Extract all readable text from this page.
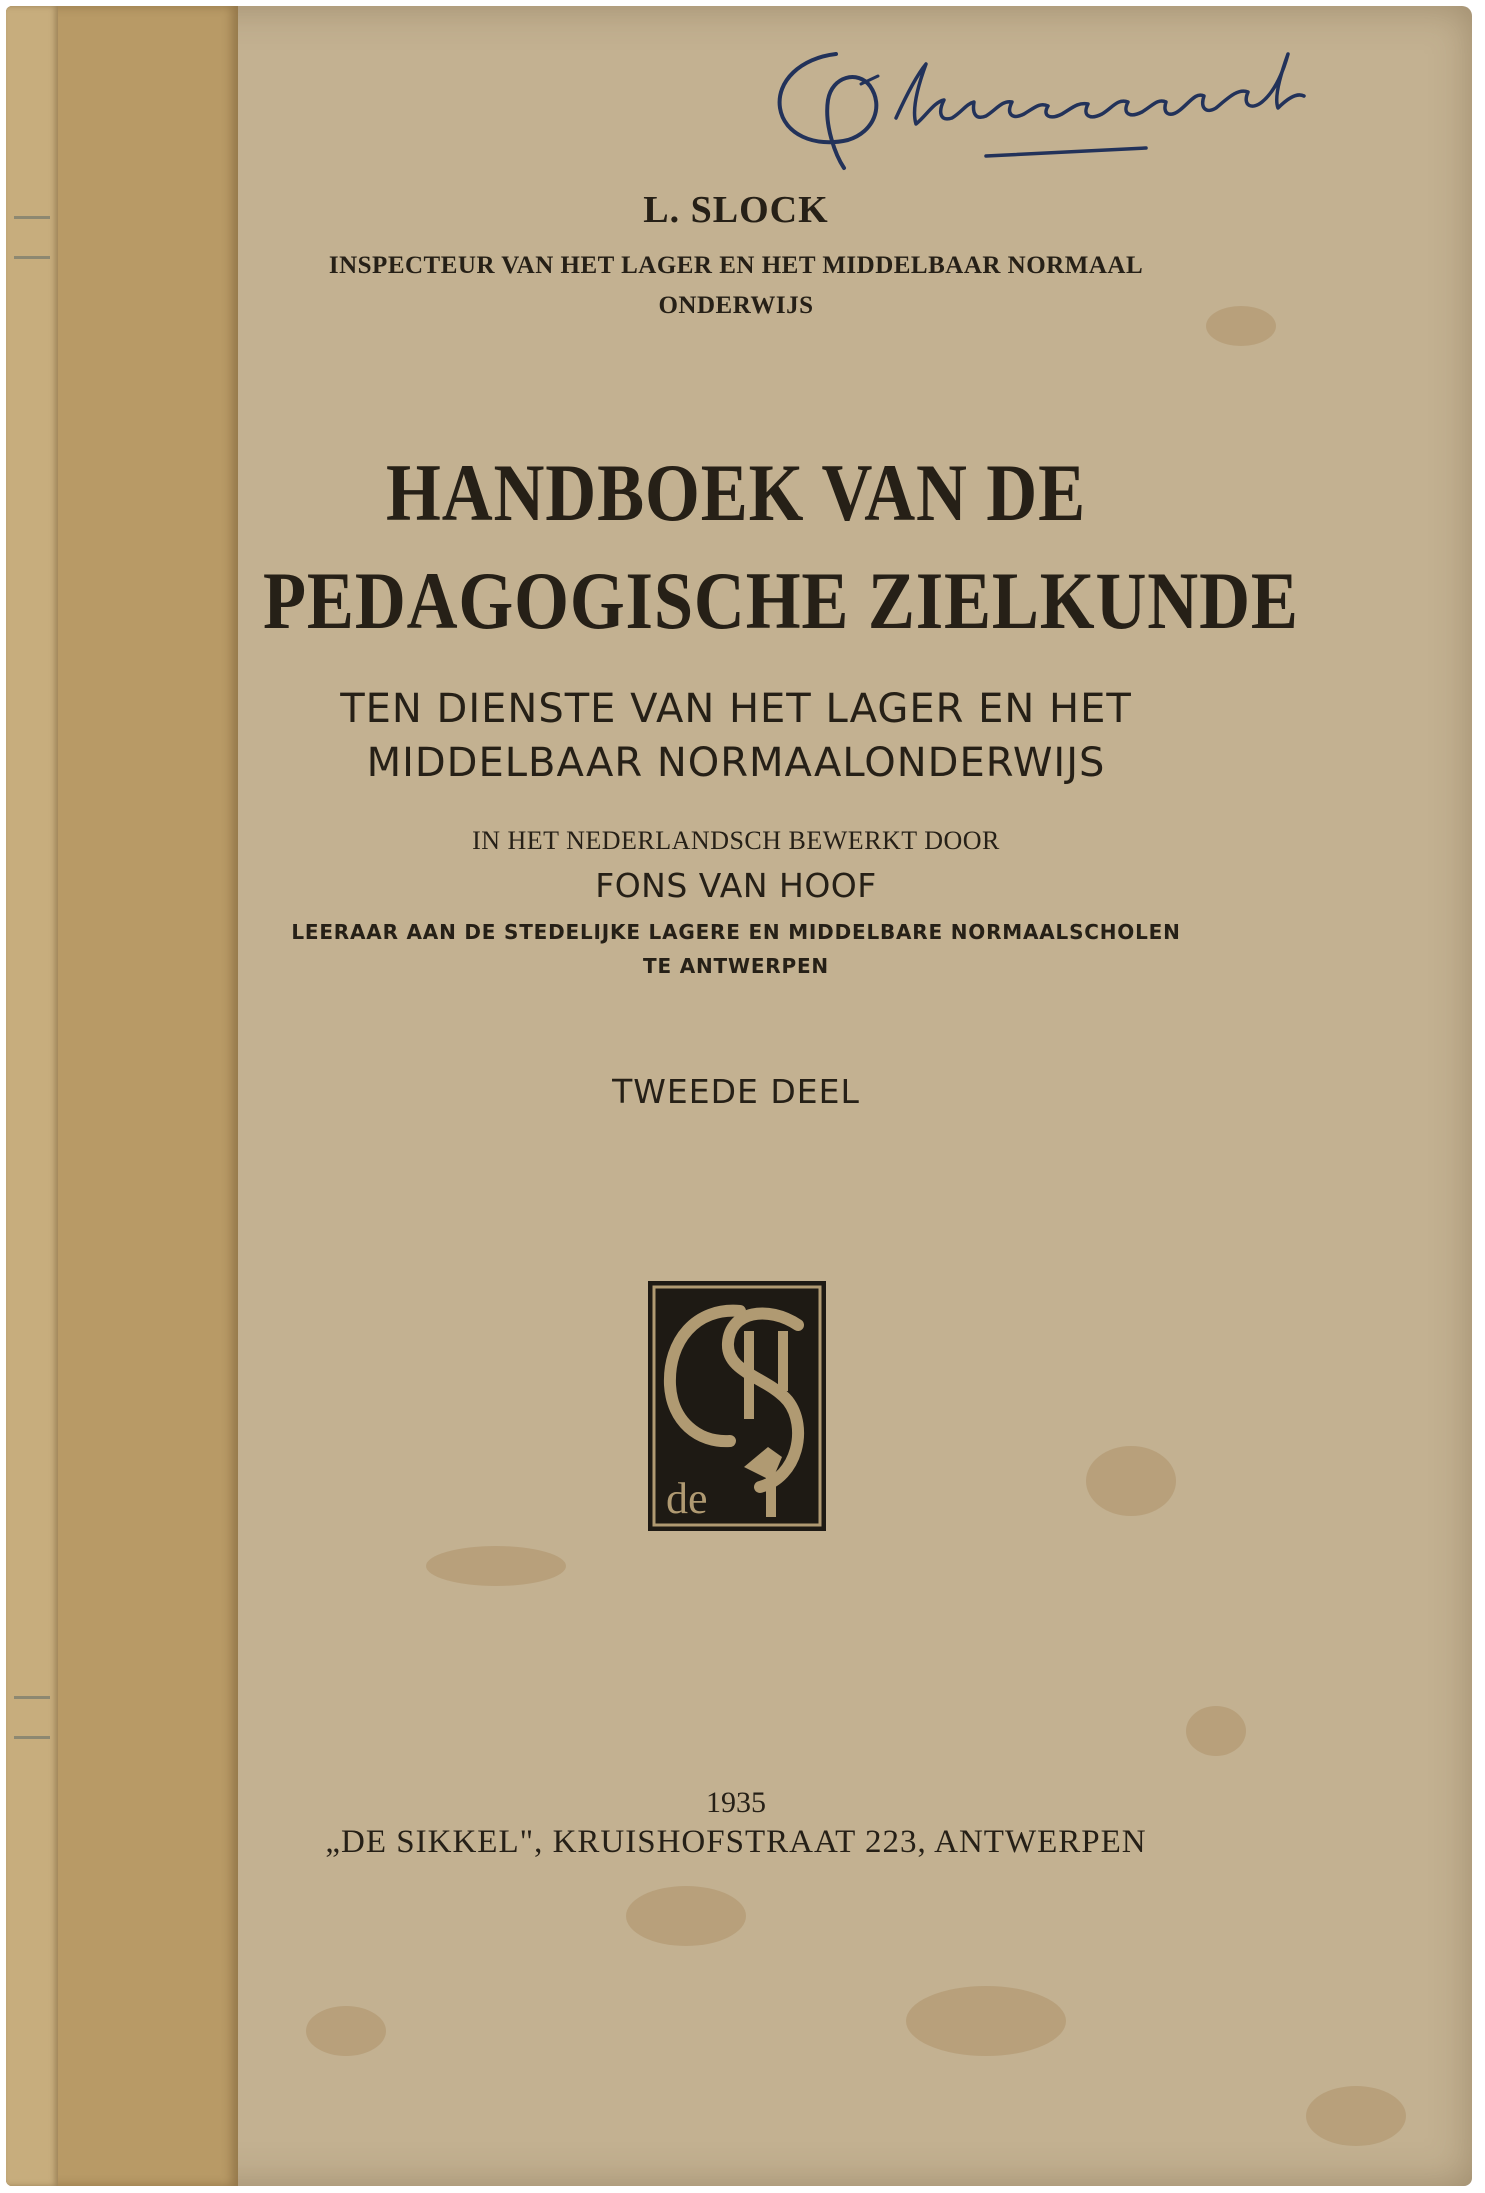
L. SLOCK

INSPECTEUR VAN HET LAGER EN HET MIDDELBAAR NORMAAL

ONDERWIJS

HANDBOEK VAN DE

PEDAGOGISCHE ZIELKUNDE

TEN DIENSTE VAN HET LAGER EN HET

MIDDELBAAR NORMAALONDERWIJS

IN HET NEDERLANDSCH BEWERKT DOOR

FONS VAN HOOF

LEERAAR AAN DE STEDELIJKE LAGERE EN MIDDELBARE NORMAALSCHOLEN

TE ANTWERPEN

TWEEDE DEEL

de

1935

„DE SIKKEL", KRUISHOFSTRAAT 223, ANTWERPEN
